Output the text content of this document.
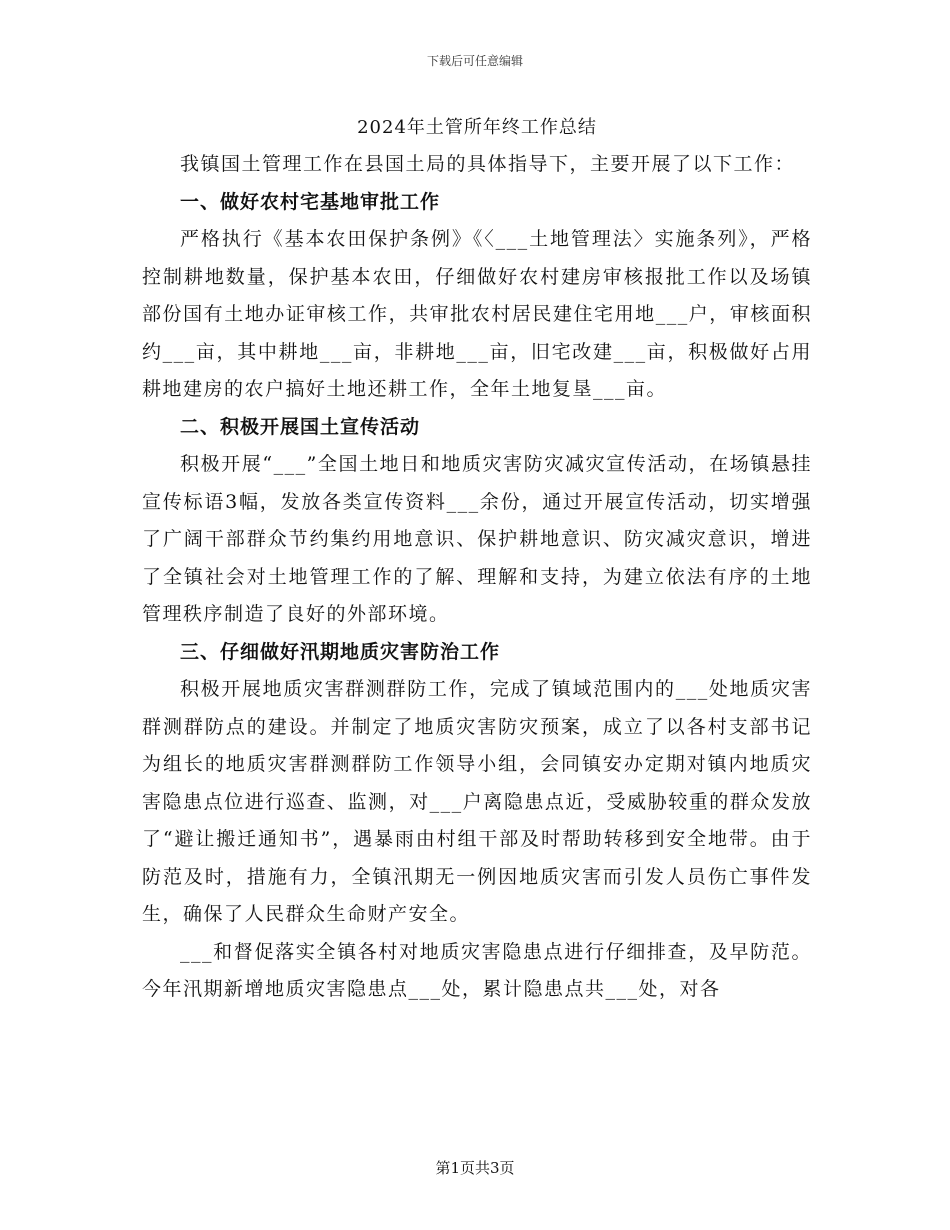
下载后可任意编辑
2024年土管所年终工作总结

我镇国土管理工作在县国土局的具体指导下，主要开展了以下工作：

一、做好农村宅基地审批工作

严格执行《基本农田保护条例》《〈___土地管理法〉实施条列》，严格控制耕地数量，保护基本农田，仔细做好农村建房审核报批工作以及场镇部份国有土地办证审核工作，共审批农村居民建住宅用地___户，审核面积约___亩，其中耕地___亩，非耕地___亩，旧宅改建___亩，积极做好占用耕地建房的农户搞好土地还耕工作，全年土地复垦___亩。

二、积极开展国土宣传活动

积极开展“___”全国土地日和地质灾害防灾减灾宣传活动，在场镇悬挂宣传标语3幅，发放各类宣传资料___余份，通过开展宣传活动，切实增强了广阔干部群众节约集约用地意识、保护耕地意识、防灾减灾意识，增进了全镇社会对土地管理工作的了解、理解和支持，为建立依法有序的土地管理秩序制造了良好的外部环境。

三、仔细做好汛期地质灾害防治工作

积极开展地质灾害群测群防工作，完成了镇域范围内的___处地质灾害群测群防点的建设。并制定了地质灾害防灾预案，成立了以各村支部书记为组长的地质灾害群测群防工作领导小组，会同镇安办定期对镇内地质灾害隐患点位进行巡查、监测，对___户离隐患点近，受威胁较重的群众发放了“避让搬迁通知书”，遇暴雨由村组干部及时帮助转移到安全地带。由于防范及时，措施有力，全镇汛期无一例因地质灾害而引发人员伤亡事件发生，确保了人民群众生命财产安全。

___和督促落实全镇各村对地质灾害隐患点进行仔细排查，及早防范。今年汛期新增地质灾害隐患点___处，累计隐患点共___处，对各

第1页共3页
